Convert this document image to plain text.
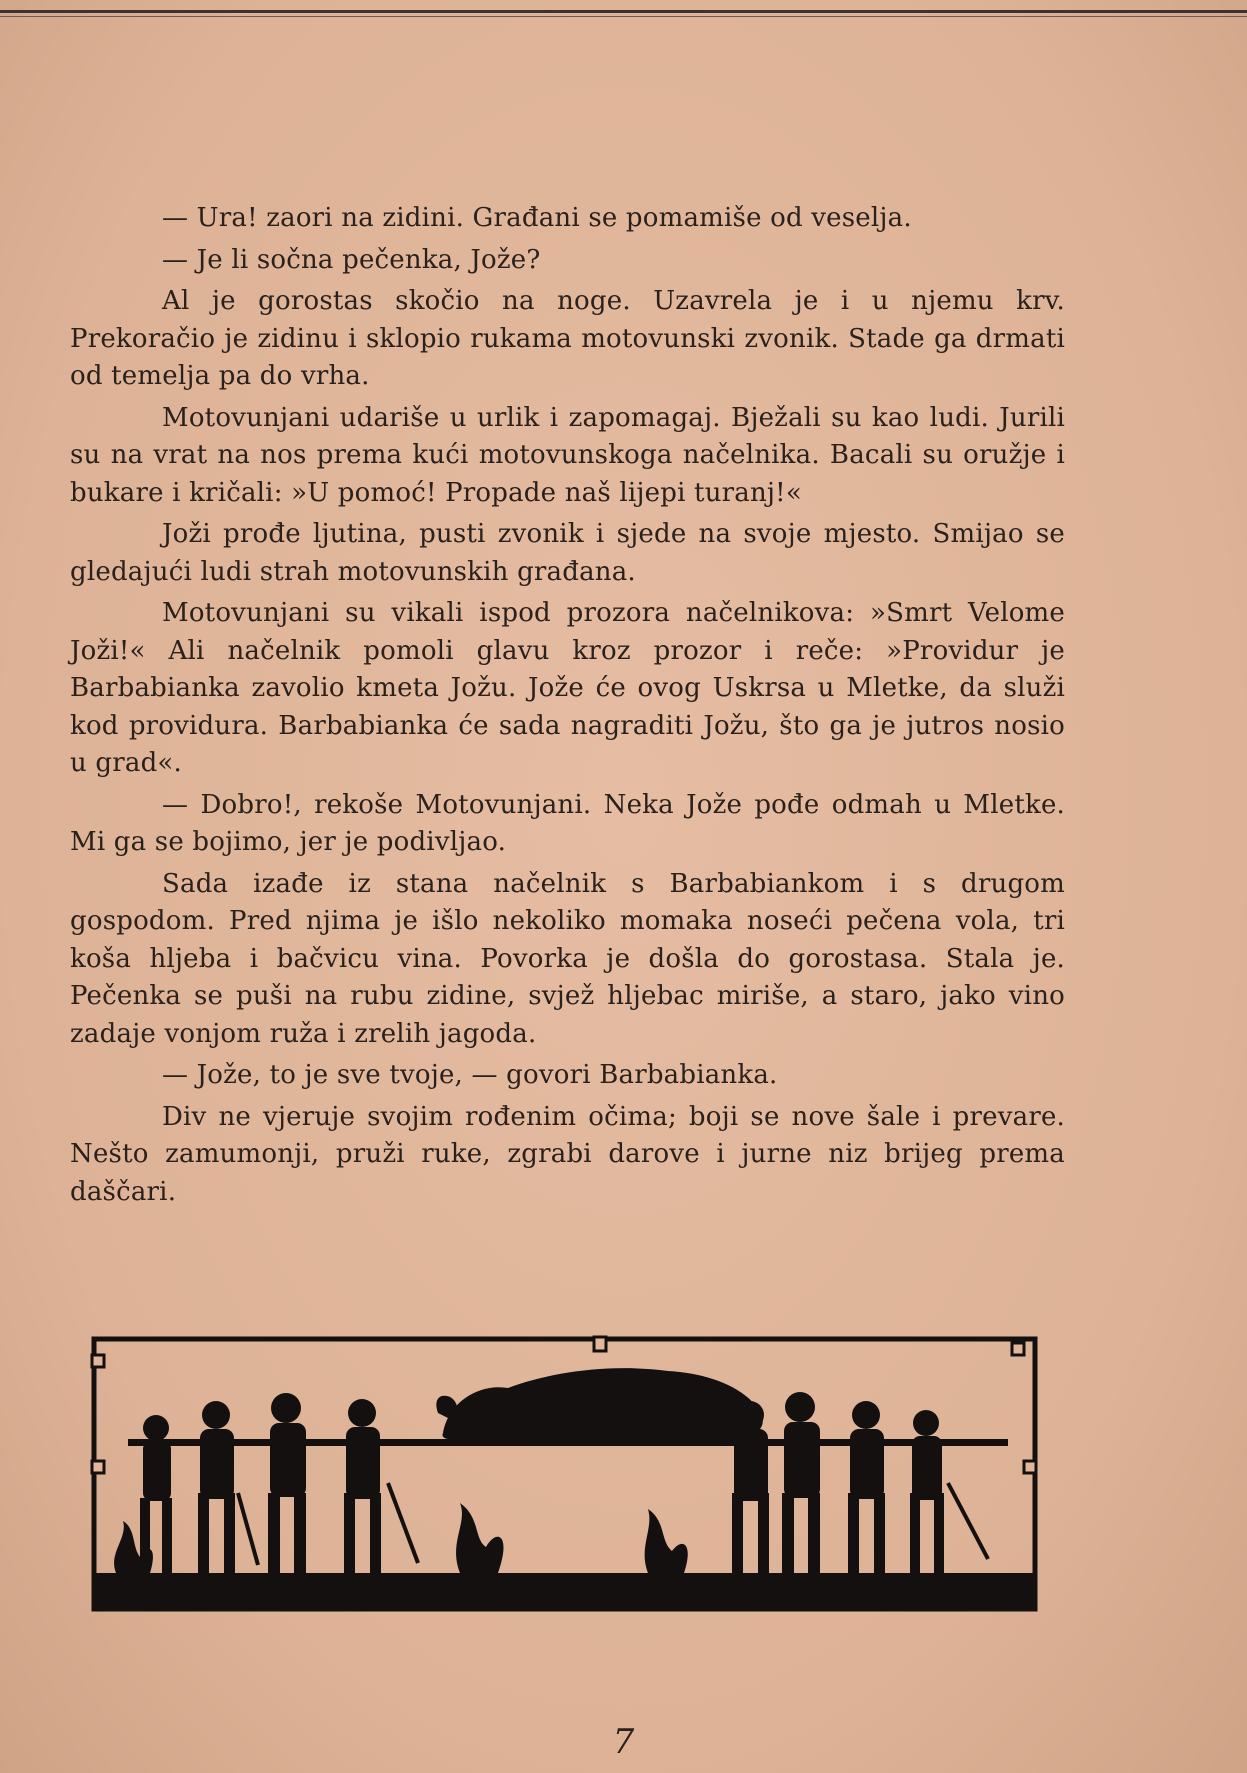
— Ura! zaori na zidini. Građani se pomamiše od veselja.

— Je li sočna pečenka, Jože?

Al je gorostas skočio na noge. Uzavrela je i u njemu krv. Prekoračio je zidinu i sklopio rukama motovunski zvonik. Stade ga drmati od temelja pa do vrha.

Motovunjani udariše u urlik i zapomagaj. Bježali su kao ludi. Jurili su na vrat na nos prema kući motovunskoga načelnika. Bacali su oružje i bukare i kričali: »U pomoć! Propade naš lijepi turanj!«

Joži prođe ljutina, pusti zvonik i sjede na svoje mjesto. Smijao se gledajući ludi strah motovunskih građana.

Motovunjani su vikali ispod prozora načelnikova: »Smrt Velome Joži!« Ali načelnik pomoli glavu kroz prozor i reče: »Providur je Barbabianka zavolio kmeta Jožu. Jože će ovog Uskrsa u Mletke, da služi kod providura. Barbabianka će sada nagraditi Jožu, što ga je jutros nosio u grad«.

— Dobro!, rekoše Motovunjani. Neka Jože pođe odmah u Mletke. Mi ga se bojimo, jer je podivljao.

Sada izađe iz stana načelnik s Barbabiankom i s drugom gospodom. Pred njima je išlo nekoliko momaka noseći pečena vola, tri koša hljeba i bačvicu vina. Povorka je došla do gorostasa. Stala je. Pečenka se puši na rubu zidine, svjež hljebac miriše, a staro, jako vino zadaje vonjom ruža i zrelih jagoda.

— Jože, to je sve tvoje, — govori Barbabianka.

Div ne vjeruje svojim rođenim očima; boji se nove šale i prevare. Nešto zamumonji, pruži ruke, zgrabi darove i jurne niz brijeg prema daščari.

7
